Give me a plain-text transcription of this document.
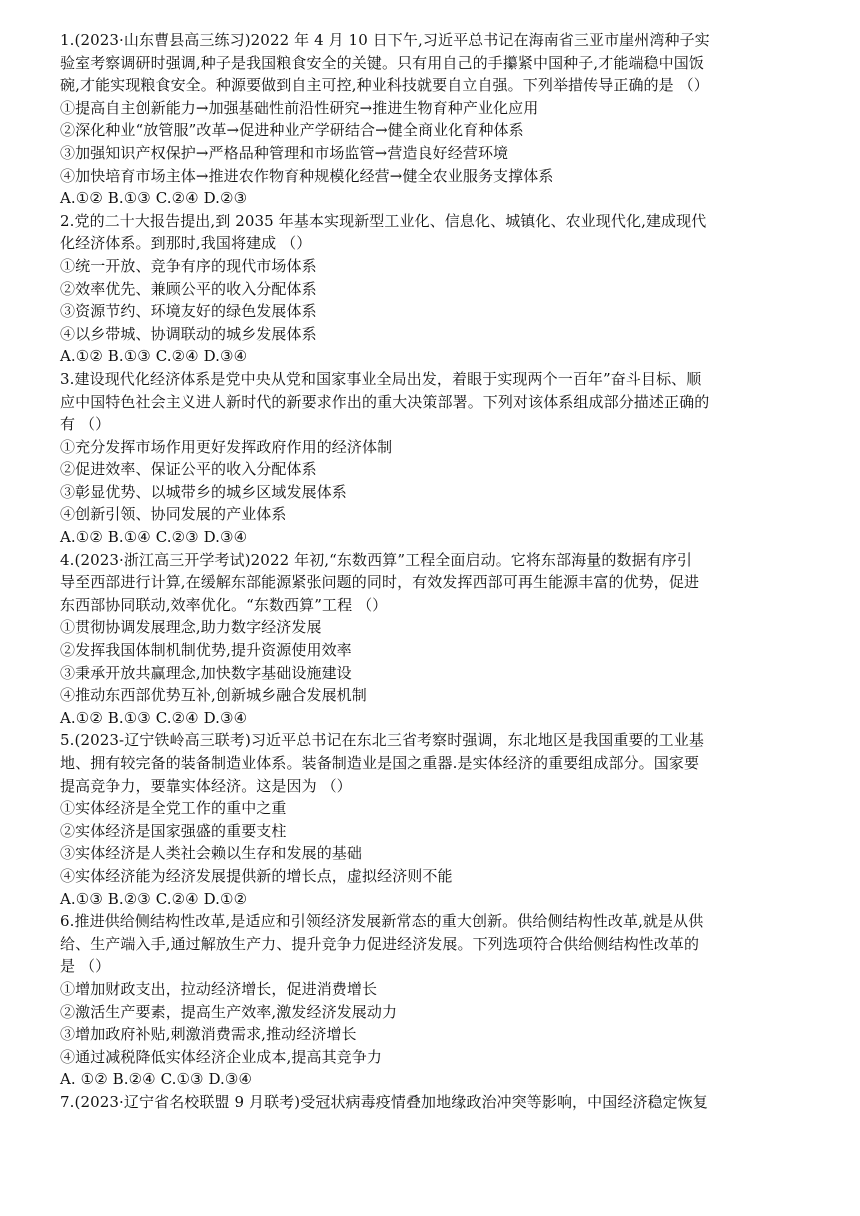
1.(2023·山东曹县高三练习)2022 年 4 月 10 日下午,习近平总书记在海南省三亚市崖州湾种子实
验室考察调研时强调,种子是我国粮食安全的关键。只有用自己的手攥紧中国种子,才能端稳中国饭
碗,才能实现粮食安全。种源要做到自主可控,种业科技就要自立自强。下列举措传导正确的是 （）
①提高自主创新能力→加强基础性前沿性研究→推进生物育种产业化应用
②深化种业“放管服”改革→促进种业产学研结合→健全商业化育种体系
③加强知识产权保护→严格品种管理和市场监管→营造良好经营环境
④加快培育市场主体→推进农作物育种规模化经营→健全农业服务支撑体系
A.①② B.①③ C.②④ D.②③
2.党的二十大报告提出,到 2035 年基本实现新型工业化、信息化、城镇化、农业现代化,建成现代
化经济体系。到那时,我国将建成 （）
①统一开放、竞争有序的现代市场体系
②效率优先、兼顾公平的收入分配体系
③资源节约、环境友好的绿色发展体系
④以乡带城、协调联动的城乡发展体系
A.①② B.①③ C.②④ D.③④
3.建设现代化经济体系是党中央从党和国家事业全局出发，着眼于实现两个一百年”奋斗目标、顺
应中国特色社会主义进人新时代的新要求作出的重大决策部署。下列对该体系组成部分描述正确的
有 （）
①充分发挥市场作用更好发挥政府作用的经济体制
②促进效率、保证公平的收入分配体系
③彰显优势、以城带乡的城乡区域发展体系
④创新引领、协同发展的产业体系
A.①② B.①④ C.②③ D.③④
4.(2023·浙江高三开学考试)2022 年初,“东数西算”工程全面启动。它将东部海量的数据有序引
导至西部进行计算,在缓解东部能源紧张问题的同时，有效发挥西部可再生能源丰富的优势，促进
东西部协同联动,效率优化。“东数西算”工程 （）
①贯彻协调发展理念,助力数字经济发展
②发挥我国体制机制优势,提升资源使用效率
③秉承开放共赢理念,加快数字基础设施建设
④推动东西部优势互补,创新城乡融合发展机制
A.①② B.①③ C.②④ D.③④
5.(2023-辽宁铁岭高三联考)习近平总书记在东北三省考察时强调，东北地区是我国重要的工业基
地、拥有较完备的装备制造业体系。装备制造业是国之重器.是实体经济的重要组成部分。国家要
提高竞争力，要靠实体经济。这是因为 （）
①实体经济是全党工作的重中之重
②实体经济是国家强盛的重要支柱
③实体经济是人类社会赖以生存和发展的基础
④实体经济能为经济发展提供新的增长点，虚拟经济则不能
A.①③ B.②③ C.②④ D.①②
6.推进供给侧结构性改革,是适应和引领经济发展新常态的重大创新。供给侧结构性改革,就是从供
给、生产端入手,通过解放生产力、提升竞争力促进经济发展。下列选项符合供给侧结构性改革的
是 （）
①增加财政支出，拉动经济增长，促进消费增长
②激活生产要素，提高生产效率,激发经济发展动力
③增加政府补贴,刺激消费需求,推动经济增长
④通过减税降低实体经济企业成本,提高其竞争力
A. ①② B.②④ C.①③ D.③④
7.(2023·辽宁省名校联盟 9 月联考)受冠状病毒疫情叠加地缘政治冲突等影响，中国经济稳定恢复
